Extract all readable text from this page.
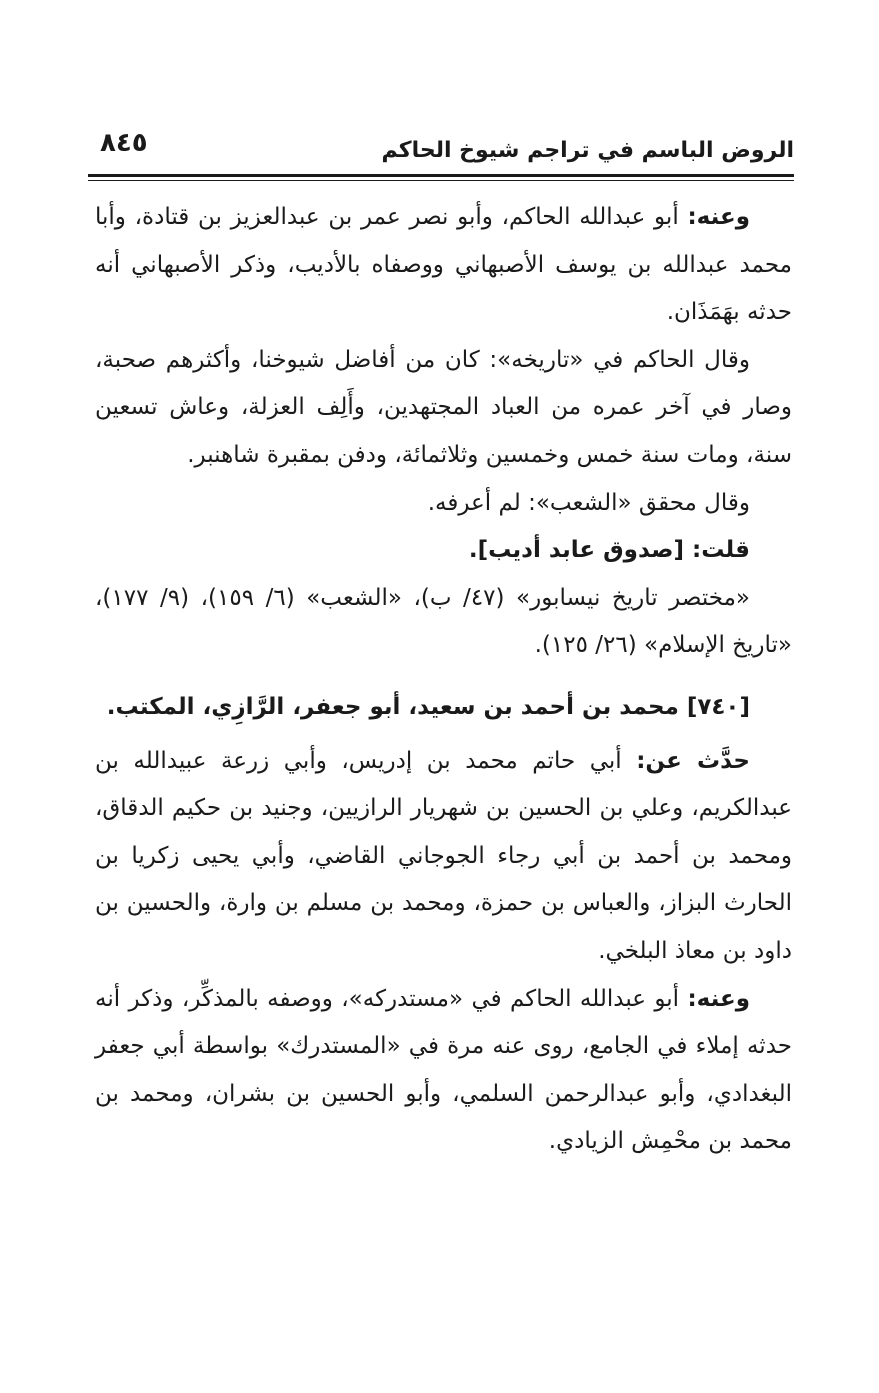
الروض الباسم في تراجم شيوخ الحاكم
٨٤٥

وعنه: أبو عبدالله الحاكم، وأبو نصر عمر بن عبدالعزيز بن قتادة، وأبا محمد عبدالله بن يوسف الأصبهاني ووصفاه بالأديب، وذكر الأصبهاني أنه حدثه بهَمَذَان.

وقال الحاكم في «تاريخه»: كان من أفاضل شيوخنا، وأكثرهم صحبة، وصار في آخر عمره من العباد المجتهدين، وأَلِف العزلة، وعاش تسعين سنة، ومات سنة خمس وخمسين وثلاثمائة، ودفن بمقبرة شاهنبر.

وقال محقق «الشعب»: لم أعرفه.

قلت: [صدوق عابد أديب].

«مختصر تاريخ نيسابور» (٤٧/ ب)، «الشعب» (٦/ ١٥٩)، (٩/ ١٧٧)، «تاريخ الإسلام» (٢٦/ ١٢٥).

[٧٤٠] محمد بن أحمد بن سعيد، أبو جعفر، الرَّازِي، المكتب.

حدَّث عن: أبي حاتم محمد بن إدريس، وأبي زرعة عبيدالله بن عبدالكريم، وعلي بن الحسين بن شهريار الرازيين، وجنيد بن حكيم الدقاق، ومحمد بن أحمد بن أبي رجاء الجوجاني القاضي، وأبي يحيى زكريا بن الحارث البزاز، والعباس بن حمزة، ومحمد بن مسلم بن وارة، والحسين بن داود بن معاذ البلخي.

وعنه: أبو عبدالله الحاكم في «مستدركه»، ووصفه بالمذكِّر، وذكر أنه حدثه إملاء في الجامع، روى عنه مرة في «المستدرك» بواسطة أبي جعفر البغدادي، وأبو عبدالرحمن السلمي، وأبو الحسين بن بشران، ومحمد بن محمد بن محْمِش الزيادي.
